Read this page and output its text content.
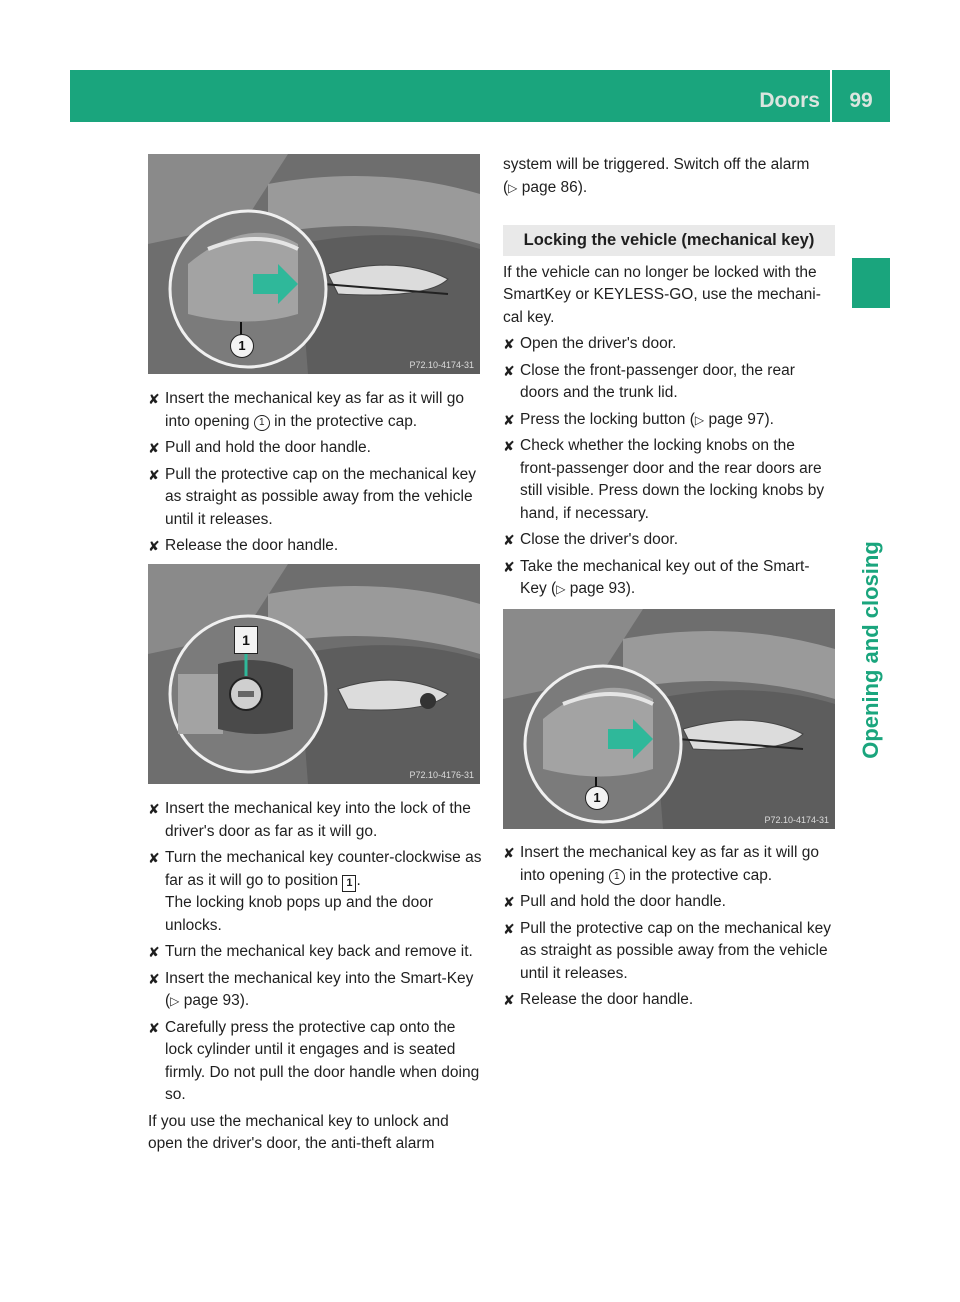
Doors	99
Opening and closing
1
P72.10-4174-31
✘ Insert the mechanical key as far as it will go into opening 1 in the protective cap.
✘ Pull and hold the door handle.
✘ Pull the protective cap on the mechanical key as straight as possible away from the vehicle until it releases.
✘ Release the door handle.
1
P72.10-4176-31
✘ Insert the mechanical key into the lock of the driver's door as far as it will go.
✘ Turn the mechanical key counter-clockwise as far as it will go to position 1 .
The locking knob pops up and the door unlocks.
✘ Turn the mechanical key back and remove it.
✘ Insert the mechanical key into the Smart-Key (▷ page 93).
✘ Carefully press the protective cap onto the lock cylinder until it engages and is seated firmly. Do not pull the door handle when doing so.

If you use the mechanical key to unlock and open the driver's door, the anti-theft alarm

system will be triggered. Switch off the alarm (▷ page 86).

Locking the vehicle (mechanical key)

If the vehicle can no longer be locked with the SmartKey or KEYLESS-GO, use the mechani-cal key.

✘ Open the driver's door.
✘ Close the front-passenger door, the rear doors and the trunk lid.
✘ Press the locking button (▷ page 97).
✘ Check whether the locking knobs on the front-passenger door and the rear doors are still visible. Press down the locking knobs by hand, if necessary.
✘ Close the driver's door.
✘ Take the mechanical key out of the Smart-Key (▷ page 93).
1
P72.10-4174-31
✘ Insert the mechanical key as far as it will go into opening 1 in the protective cap.
✘ Pull and hold the door handle.
✘ Pull the protective cap on the mechanical key as straight as possible away from the vehicle until it releases.
✘ Release the door handle.
